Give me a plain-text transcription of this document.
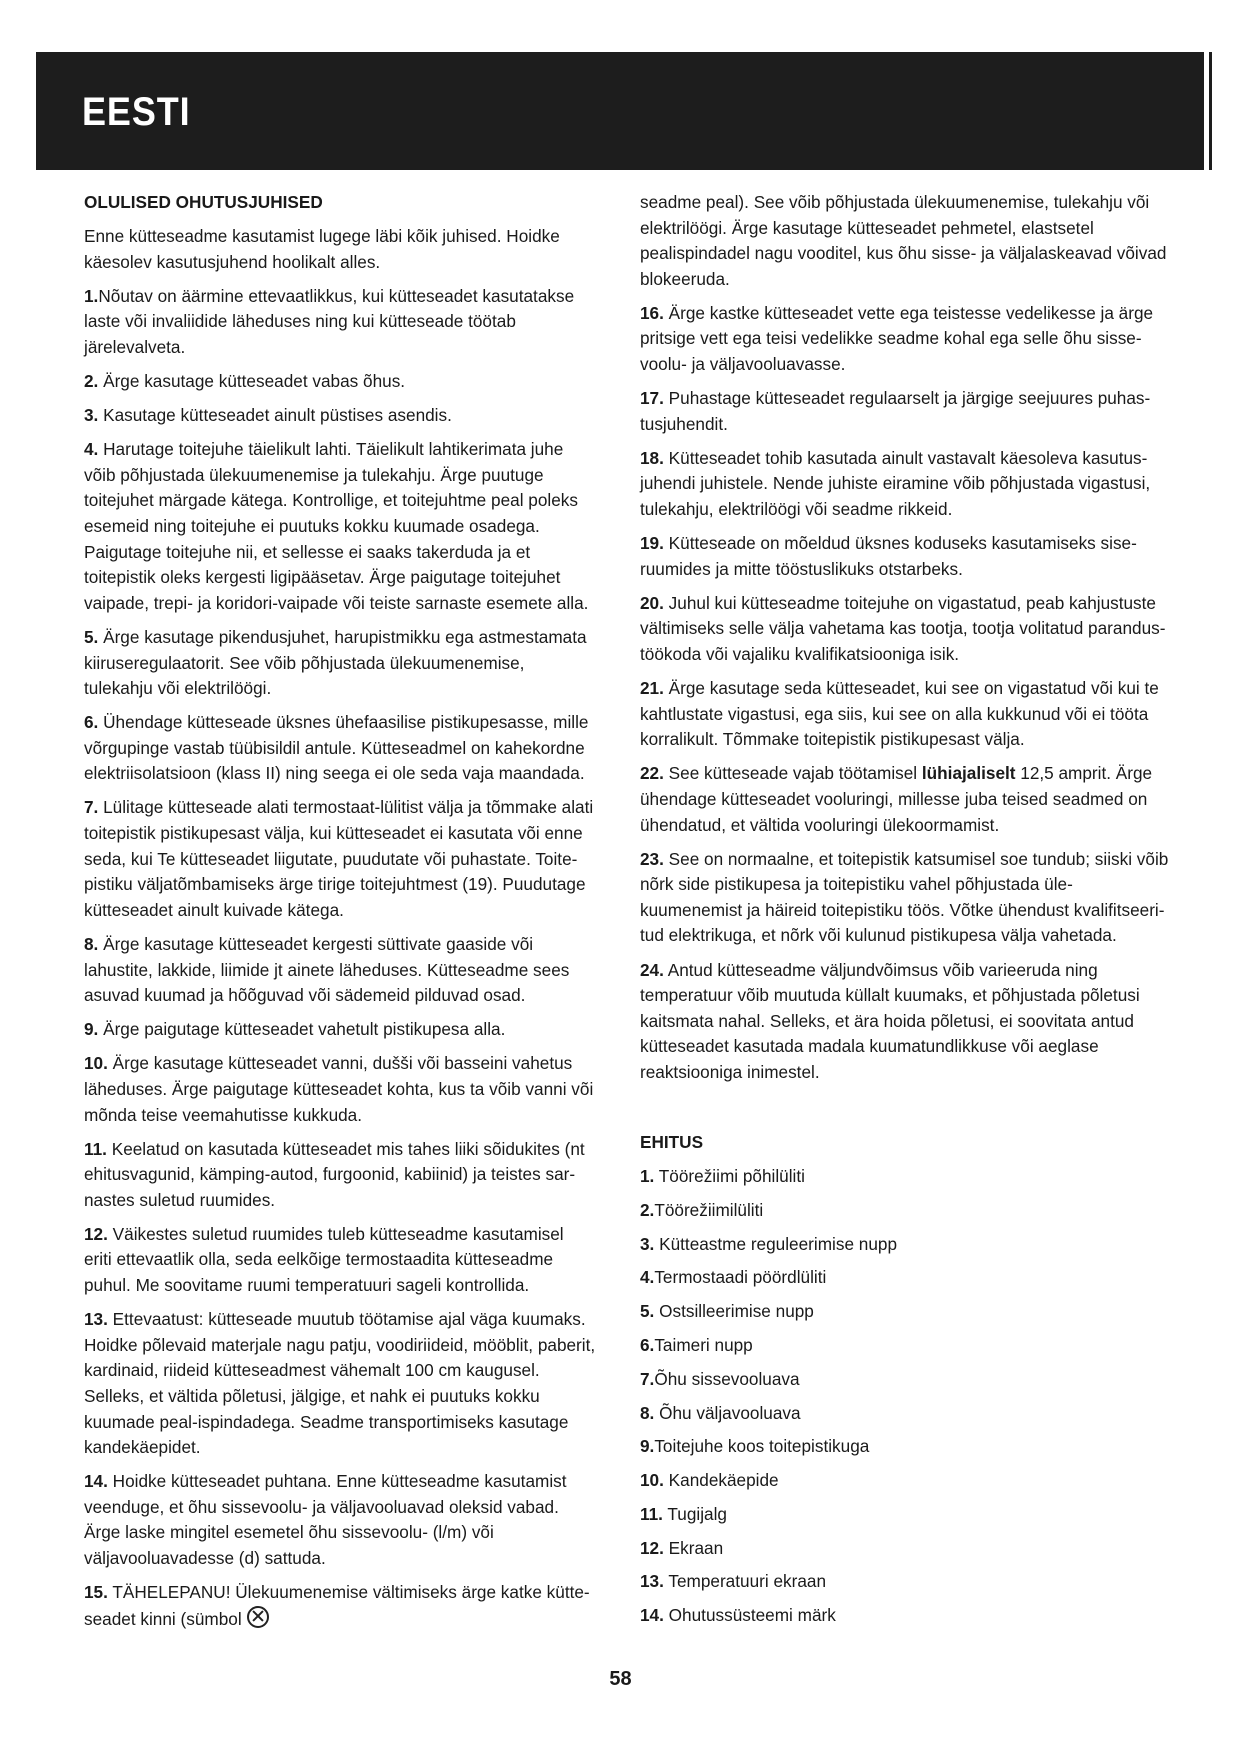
EESTI

OLULISED OHUTUSJUHISED

Enne kütteseadme kasutamist lugege läbi kõik juhised. Hoidke käesolev kasutusjuhend hoolikalt alles.

1.Nõutav on äärmine ettevaatlikkus, kui kütteseadet kasutatakse laste või invaliidide läheduses ning kui kütteseade töötab järelevalveta.

2. Ärge kasutage kütteseadet vabas õhus.

3. Kasutage kütteseadet ainult püstises asendis.

4. Harutage toitejuhe täielikult lahti. Täielikult lahtikerimata juhe võib põhjustada ülekuumenemise ja tulekahju. Ärge puutuge toitejuhet märgade kätega. Kontrollige, et toitejuhtme peal poleks esemeid ning toitejuhe ei puutuks kokku kuumade osadega. Paigutage toitejuhe nii, et sellesse ei saaks takerduda ja et toitepistik oleks kergesti ligipääsetav. Ärge paigutage toitejuhet vaipade, trepi- ja koridori-vaipade või teiste sarnaste esemete alla.

5. Ärge kasutage pikendusjuhet, harupistmikku ega astmestamata kiiruseregulaatorit. See võib põhjustada ülekuumenemise, tulekahju või elektrilöögi.

6. Ühendage kütteseade üksnes ühefaasilise pistikupesasse, mille võrgupinge vastab tüübisildil antule. Kütteseadmel on kahekordne elektriisolatsioon (klass II) ning seega ei ole seda vaja maandada.

7. Lülitage kütteseade alati termostaat-lülitist välja ja tõmmake alati toitepistik pistikupesast välja, kui kütteseadet ei kasutata või enne seda, kui Te kütteseadet liigutate, puudutate või puhastate. Toite-pistiku väljatõmbamiseks ärge tirige toitejuhtmest (19). Puudutage kütteseadet ainult kuivade kätega.

8. Ärge kasutage kütteseadet kergesti süttivate gaaside või lahustite, lakkide, liimide jt ainete läheduses. Kütteseadme sees asuvad kuumad ja hõõguvad või sädemeid pilduvad osad.

9. Ärge paigutage kütteseadet vahetult pistikupesa alla.

10. Ärge kasutage kütteseadet vanni, dušši või basseini vahetus läheduses. Ärge paigutage kütteseadet kohta, kus ta võib vanni või mõnda teise veemahutisse kukkuda.

11. Keelatud on kasutada kütteseadet mis tahes liiki sõidukites (nt ehitusvagunid, kämping-autod, furgoonid, kabiinid) ja teistes sar-nastes suletud ruumides.

12. Väikestes suletud ruumides tuleb kütteseadme kasutamisel eriti ettevaatlik olla, seda eelkõige termostaadita kütteseadme puhul. Me soovitame ruumi temperatuuri sageli kontrollida.

13. Ettevaatust: kütteseade muutub töötamise ajal väga kuumaks. Hoidke põlevaid materjale nagu patju, voodiriideid, mööblit, paberit, kardinaid, riideid kütteseadmest vähemalt 100 cm kaugusel. Selleks, et vältida põletusi, jälgige, et nahk ei puutuks kokku kuumade peal-ispindadega. Seadme transportimiseks kasutage kandekäepidet.

14. Hoidke kütteseadet puhtana. Enne kütteseadme kasutamist veenduge, et õhu sissevoolu- ja väljavooluavad oleksid vabad. Ärge laske mingitel esemetel õhu sissevoolu- (l/m) või väljavooluavadesse (d) sattuda.

15. TÄHELEPANU! Ülekuumenemise vältimiseks ärge katke kütte-seadet kinni (sümbol

seadme peal). See võib põhjustada ülekuumenemise, tulekahju või elektrilöögi. Ärge kasutage kütteseadet pehmetel, elastsetel pealispindadel nagu vooditel, kus õhu sisse- ja väljalaskeavad võivad blokeeruda.

16. Ärge kastke kütteseadet vette ega teistesse vedelikesse ja ärge pritsige vett ega teisi vedelikke seadme kohal ega selle õhu sisse-voolu- ja väljavooluavasse.

17. Puhastage kütteseadet regulaarselt ja järgige seejuures puhas-tusjuhendit.

18. Kütteseadet tohib kasutada ainult vastavalt käesoleva kasutus-juhendi juhistele. Nende juhiste eiramine võib põhjustada vigastusi, tulekahju, elektrilöögi või seadme rikkeid.

19. Kütteseade on mõeldud üksnes koduseks kasutamiseks sise-ruumides ja mitte tööstuslikuks otstarbeks.

20. Juhul kui kütteseadme toitejuhe on vigastatud, peab kahjustuste vältimiseks selle välja vahetama kas tootja, tootja volitatud parandus-töökoda või vajaliku kvalifikatsiooniga isik.

21. Ärge kasutage seda kütteseadet, kui see on vigastatud või kui te kahtlustate vigastusi, ega siis, kui see on alla kukkunud või ei tööta korralikult. Tõmmake toitepistik pistikupesast välja.

22. See kütteseade vajab töötamisel lühiajaliselt 12,5 amprit. Ärge ühendage kütteseadet vooluringi, millesse juba teised seadmed on ühendatud, et vältida vooluringi ülekoormamist.

23. See on normaalne, et toitepistik katsumisel soe tundub; siiski võib nõrk side pistikupesa ja toitepistiku vahel põhjustada üle-kuumenemist ja häireid toitepistiku töös. Võtke ühendust kvalifitseeri-tud elektrikuga, et nõrk või kulunud pistikupesa välja vahetada.

24. Antud kütteseadme väljundvõimsus võib varieeruda ning temperatuur võib muutuda küllalt kuumaks, et põhjustada põletusi kaitsmata nahal. Selleks, et ära hoida põletusi, ei soovitata antud kütteseadet kasutada madala kuumatundlikkuse või aeglase reaktsiooniga inimestel.

EHITUS

1. Töörežiimi põhilüliti

2.Töörežiimilüliti

3. Kütteastme reguleerimise nupp

4.Termostaadi pöördlüliti

5. Ostsilleerimise nupp

6.Taimeri nupp

7.Õhu sissevooluava

8. Õhu väljavooluava

9.Toitejuhe koos toitepistikuga

10. Kandekäepide

11. Tugijalg

12. Ekraan

13. Temperatuuri ekraan

14. Ohutussüsteemi märk

58
